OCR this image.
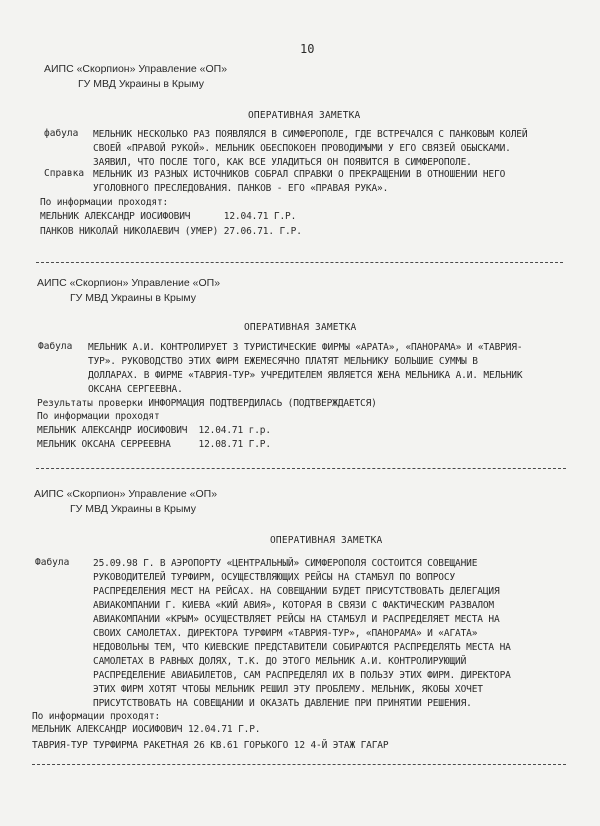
10
АИПС «Скорпион» Управление «ОП»
ГУ МВД Украины в Крыму
ОПЕРАТИВНАЯ ЗАМЕТКА
фабула МЕЛЬНИК НЕСКОЛЬКО РАЗ ПОЯВЛЯЛСЯ В СИМФЕРОПОЛЕ, ГДЕ ВСТРЕЧАЛСЯ С ПАНКОВЫМ КОЛЕЙ
СВОЕЙ «ПРАВОЙ РУКОЙ». МЕЛЬНИК ОБЕСПОКОЕН ПРОВОДИМЫМИ У ЕГО СВЯЗЕЙ ОБЫСКАМИ.
ЗАЯВИЛ, ЧТО ПОСЛЕ ТОГО, КАК ВСЕ УЛАДИТЬСЯ ОН ПОЯВИТСЯ В СИМФЕРОПОЛЕ.
Справка МЕЛЬНИК ИЗ РАЗНЫХ ИСТОЧНИКОВ СОБРАЛ СПРАВКИ О ПРЕКРАЩЕНИИ В ОТНОШЕНИИ НЕГО
УГОЛОВНОГО ПРЕСЛЕДОВАНИЯ. ПАНКОВ - ЕГО «ПРАВАЯ РУКА».
По информации проходят:
МЕЛЬНИК АЛЕКСАНДР ИОСИФОВИЧ      12.04.71 Г.Р.
ПАНКОВ НИКОЛАЙ НИКОЛАЕВИЧ (УМЕР) 27.06.71. Г.Р.
АИПС «Скорпион» Управление «ОП»
ГУ МВД Украины в Крыму
ОПЕРАТИВНАЯ ЗАМЕТКА
Фабула МЕЛЬНИК А.И. КОНТРОЛИРУЕТ 3 ТУРИСТИЧЕСКИЕ ФИРМЫ «АРАТА», «ПАНОРАМА» И «ТАВРИЯ-
ТУР». РУКОВОДСТВО ЭТИХ ФИРМ ЕЖЕМЕСЯЧНО ПЛАТЯТ МЕЛЬНИКУ БОЛЬШИЕ СУММЫ В
ДОЛЛАРАХ. В ФИРМЕ «ТАВРИЯ-ТУР» УЧРЕДИТЕЛЕМ ЯВЛЯЕТСЯ ЖЕНА МЕЛЬНИКА А.И. МЕЛЬНИК
ОКСАНА СЕРГЕЕВНА.
Результаты проверки ИНФОРМАЦИЯ ПОДТВЕРДИЛАСЬ (ПОДТВЕРЖДАЕТСЯ)
По информации проходят
МЕЛЬНИК АЛЕКСАНДР ИОСИФОВИЧ  12.04.71 г.р.
МЕЛЬНИК ОКСАНА СЕРРЕЕВНА     12.08.71 Г.Р.
АИПС «Скорпион» Управление «ОП»
ГУ МВД Украины в Крыму
ОПЕРАТИВНАЯ ЗАМЕТКА
Фабула 25.09.98 Г. В АЭРОПОРТУ «ЦЕНТРАЛЬНЫЙ» СИМФЕРОПОЛЯ СОСТОИТСЯ СОВЕЩАНИЕ
РУКОВОДИТЕЛЕЙ ТУРФИРМ, ОСУЩЕСТВЛЯЮЩИХ РЕЙСЫ НА СТАМБУЛ ПО ВОПРОСУ
РАСПРЕДЕЛЕНИЯ МЕСТ НА РЕЙСАХ. НА СОВЕЩАНИИ БУДЕТ ПРИСУТСТВОВАТЬ ДЕЛЕГАЦИЯ
АВИАКОМПАНИИ Г. КИЕВА «КИЙ АВИЯ», КОТОРАЯ В СВЯЗИ С ФАКТИЧЕСКИМ РАЗВАЛОМ
АВИАКОМПАНИИ «КРЫМ» ОСУЩЕСТВЛЯЕТ РЕЙСЫ НА СТАМБУЛ И РАСПРЕДЕЛЯЕТ МЕСТА НА
СВОИХ САМОЛЕТАХ. ДИРЕКТОРА ТУРФИРМ «ТАВРИЯ-ТУР», «ПАНОРАМА» И «АГАТА»
НЕДОВОЛЬНЫ ТЕМ, ЧТО КИЕВСКИЕ ПРЕДСТАВИТЕЛИ СОБИРАЮТСЯ РАСПРЕДЕЛЯТЬ МЕСТА НА
САМОЛЕТАХ В РАВНЫХ ДОЛЯХ, Т.К. ДО ЭТОГО МЕЛЬНИК А.И. КОНТРОЛИРУЮЩИЙ
РАСПРЕДЕЛЕНИЕ АВИАБИЛЕТОВ, САМ РАСПРЕДЕЛЯЛ ИХ В ПОЛЬЗУ ЭТИХ ФИРМ. ДИРЕКТОРА
ЭТИХ ФИРМ ХОТЯТ ЧТОБЫ МЕЛЬНИК РЕШИЛ ЭТУ ПРОБЛЕМУ. МЕЛЬНИК, ЯКОБЫ ХОЧЕТ
ПРИСУТСТВОВАТЬ НА СОВЕЩАНИИ И ОКАЗАТЬ ДАВЛЕНИЕ ПРИ ПРИНЯТИИ РЕШЕНИЯ.
По информации проходят:
МЕЛЬНИК АЛЕКСАНДР ИОСИФОВИЧ 12.04.71 Г.Р.
ТАВРИЯ-ТУР ТУРФИРМА РАКЕТНАЯ 26 КВ.61 ГОРЬКОГО 12 4-Й ЭТАЖ ГАГАР
